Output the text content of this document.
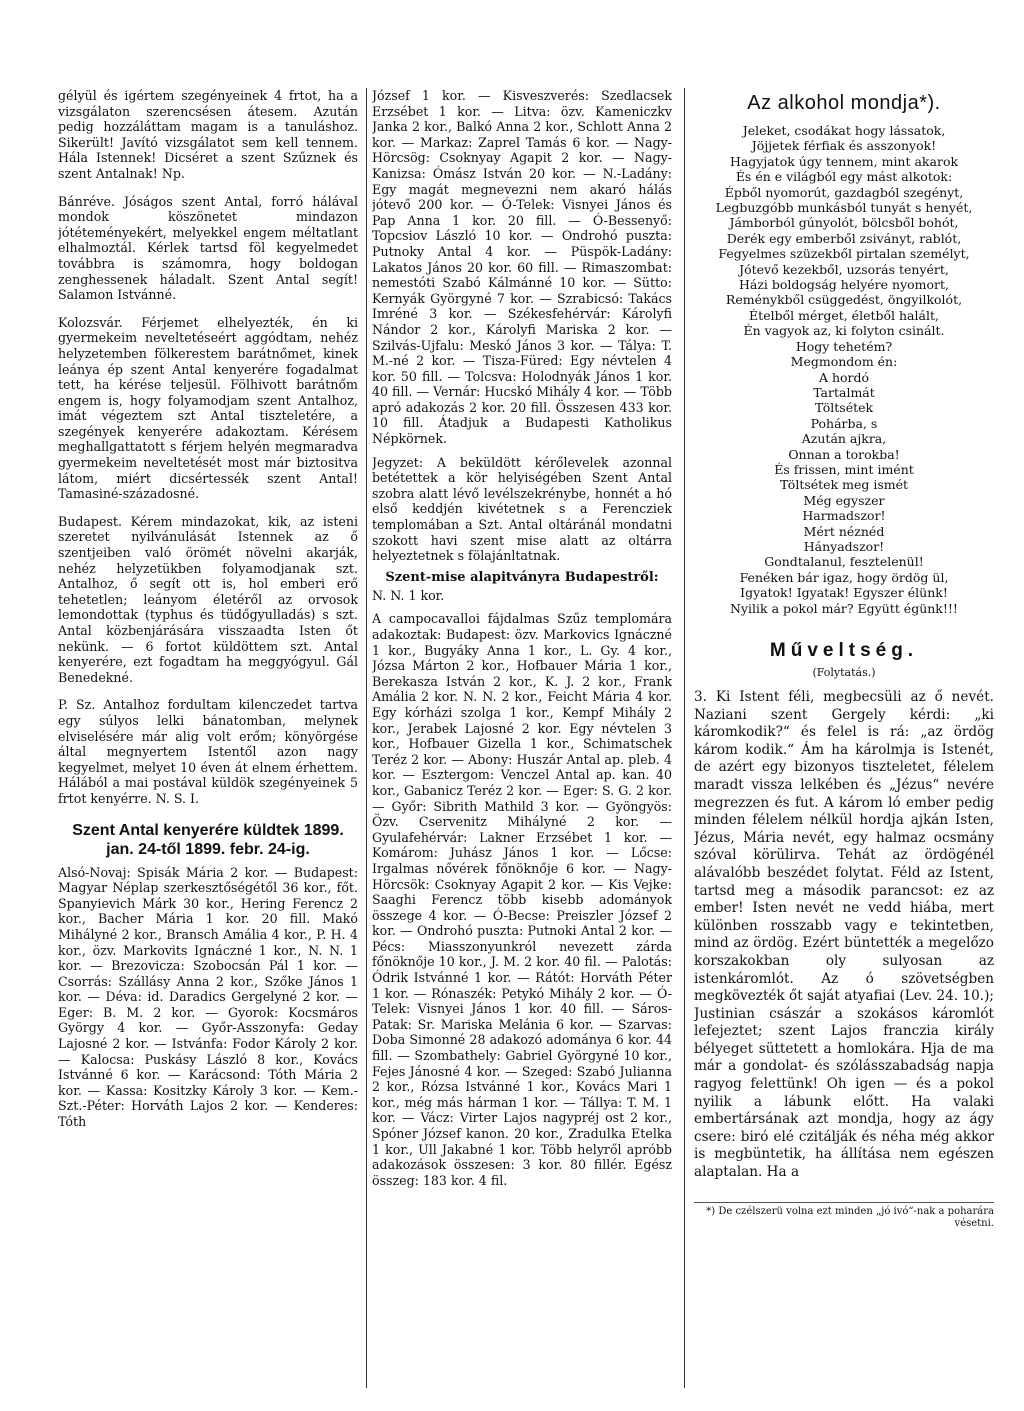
gélyül és igértem szegényeinek 4 frtot, ha a vizsgálaton szerencsésen átesem. Azután pedig hozzáláttam magam is a tanuláshoz. Sikerült! Javító vizsgálatot sem kell tennem. Hála Istennek! Dicséret a szent Szűznek és szent Antalnak! Np.

Bánréve. Jóságos szent Antal, forró hálával mondok köszönetet mindazon jótéteményekért, melyekkel engem méltatlant elhalmoztál. Kérlek tartsd föl kegyelmedet továbbra is számomra, hogy boldogan zenghessenek háladalt. Szent Antal segít! Salamon Istvánné.

Kolozsvár. Férjemet elhelyezték, én ki gyermekeim neveltetéseért aggódtam, nehéz helyzetemben fölkerestem barátnőmet, kinek leánya ép szent Antal kenyerére fogadalmat tett, ha kérése teljesül. Fölhivott barátnőm engem is, hogy folyamodjam szent Antalhoz, imát végeztem szt Antal tiszteletére, a szegények kenyerére adakoztam. Kérésem meghallgattatott s férjem helyén megmaradva gyermekeim neveltetését most már biztositva látom, miért dicsértessék szent Antal! Tamasiné-századosné.

Budapest. Kérem mindazokat, kik, az isteni szeretet nyilvánulását Istennek az ő szentjeiben való örömét növelni akarják, nehéz helyzetükben folyamodjanak szt. Antalhoz, ő segít ott is, hol emberi erő tehetetlen; leányom életéről az orvosok lemondottak (typhus és tüdőgyulladás) s szt. Antal közbenjárására visszaadta Isten őt nekünk. — 6 fortot küldöttem szt. Antal kenyerére, ezt fogadtam ha meggyógyul. Gál Benedekné.

P. Sz. Antalhoz fordultam kilenczedet tartva egy súlyos lelki bánatomban, melynek elviselésére már alig volt erőm; könyörgése által megnyertem Istentől azon nagy kegyelmet, melyet 10 éven át elnem érhettem. Hálából a mai postával küldök szegényeinek 5 frtot kenyérre. N. S. I.

Szent Antal kenyerére küldtek 1899. jan. 24-től 1899. febr. 24-ig.

Alsó-Novaj: Spisák Mária 2 kor. — Budapest: Magyar Néplap szerkesztőségétől 36 kor., főt. Spanyievich Márk 30 kor., Hering Ferencz 2 kor., Bacher Mária 1 kor. 20 fill. Makó Mihályné 2 kor., Bransch Amália 4 kor., P. H. 4 kor., özv. Markovits Ignáczné 1 kor., N. N. 1 kor. — Brezovicza: Szobocsán Pál 1 kor. — Csorrás: Szállásy Anna 2 kor., Szőke János 1 kor. — Déva: id. Daradics Gergelyné 2 kor. — Eger: B. M. 2 kor. — Gyorok: Kocsmáros György 4 kor. — Győr-Asszonyfa: Geday Lajosné 2 kor. — Istvánfa: Fodor Károly 2 kor. — Kalocsa: Puskásy László 8 kor., Kovács Istvánné 6 kor. — Karácsond: Tóth Mária 2 kor. — Kassa: Kositzky Károly 3 kor. — Kem.-Szt.-Péter: Horváth Lajos 2 kor. — Kenderes: Tóth

József 1 kor. — Kisveszverés: Szedlacsek Erzsébet 1 kor. — Litva: özv. Kameniczkv Janka 2 kor., Balkó Anna 2 kor., Schlott Anna 2 kor. — Markaz: Zaprel Tamás 6 kor. — Nagy-Hörcsög: Csoknyay Agapit 2 kor. — Nagy-Kanizsa: Ómász István 20 kor. — N.-Ladány: Egy magát megnevezni nem akaró hálás jótevő 200 kor. — Ó-Telek: Visnyei János és Pap Anna 1 kor. 20 fill. — Ó-Bessenyő: Topcsiov László 10 kor. — Ondrohó puszta: Putnoky Antal 4 kor. — Püspök-Ladány: Lakatos János 20 kor. 60 fill. — Rimaszombat: nemestóti Szabó Kálmánné 10 kor. — Sütto: Kernyák Györgyné 7 kor. — Szrabicsó: Takács Imréné 3 kor. — Székesfehérvár: Károlyfi Nándor 2 kor., Károlyfi Mariska 2 kor. — Szilvás-Ujfalu: Meskó János 3 kor. — Tálya: T. M.-né 2 kor. — Tisza-Füred: Egy névtelen 4 kor. 50 fill. — Tolcsva: Holodnyák János 1 kor. 40 fill. — Vernár: Hucskó Mihály 4 kor. — Több apró adakozás 2 kor. 20 fill. Összesen 433 kor. 10 fill. Átadjuk a Budapesti Katholikus Népkörnek.

Jegyzet: A beküldött kérőlevelek azonnal betétettek a kör helyiségében Szent Antal szobra alatt lévő levélszekrénybe, honnét a hó első keddjén kivétetnek s a Ferencziek templomában a Szt. Antal oltáránál mondatni szokott havi szent mise alatt az oltárra helyeztetnek s fölajánltatnak.

Szent-mise alapitványra Budapestről:

N. N. 1 kor.

A campocavalloi fájdalmas Szűz templomára adakoztak: Budapest: özv. Markovics Ignáczné 1 kor., Bugyáky Anna 1 kor., L. Gy. 4 kor., Józsa Márton 2 kor., Hofbauer Mária 1 kor., Berekasza István 2 kor., K. J. 2 kor., Frank Amália 2 kor. N. N. 2 kor., Feicht Mária 4 kor. Egy kórházi szolga 1 kor., Kempf Mihály 2 kor., Jerabek Lajosné 2 kor. Egy névtelen 3 kor., Hofbauer Gizella 1 kor., Schimatschek Teréz 2 kor. — Abony: Huszár Antal ap. pleb. 4 kor. — Esztergom: Venczel Antal ap. kan. 40 kor., Gabanicz Teréz 2 kor. — Eger: S. G. 2 kor. — Győr: Sibrith Mathild 3 kor. — Gyöngyös: Özv. Cservenitz Mihályné 2 kor. — Gyulafehérvár: Lakner Erzsébet 1 kor. — Komárom: Juhász János 1 kor. — Lőcse: Irgalmas nővérek főnöknője 6 kor. — Nagy-Hörcsök: Csoknyay Agapit 2 kor. — Kis Vejke: Saaghi Ferencz több kisebb adományok összege 4 kor. — Ó-Becse: Preiszler József 2 kor. — Ondrohó puszta: Putnoki Antal 2 kor. — Pécs: Miasszonyunkról nevezett zárda főnöknője 10 kor., J. M. 2 kor. 40 fil. — Palotás: Ódrik Istvánné 1 kor. — Rátót: Horváth Péter 1 kor. — Rónaszék: Petykó Mihály 2 kor. — Ó-Telek: Visnyei János 1 kor. 40 fill. — Sáros-Patak: Sr. Mariska Melánia 6 kor. — Szarvas: Doba Simonné 28 adakozó adománya 6 kor. 44 fill. — Szombathely: Gabriel Györgyné 10 kor., Fejes Jánosné 4 kor. — Szeged: Szabó Julianna 2 kor., Rózsa Istvánné 1 kor., Kovács Mari 1 kor., még más hárman 1 kor. — Tállya: T. M. 1 kor. — Vácz: Virter Lajos nagypréj ost 2 kor., Spóner József kanon. 20 kor., Zradulka Etelka 1 kor., Ull Jakabné 1 kor. Több helyről apróbb adakozások összesen: 3 kor. 80 fillér. Egész összeg: 183 kor. 4 fil.

Az alkohol mondja*).

Jeleket, csodákat hogy lássatok,

Jöjjetek férfiak és asszonyok!

Hagyjatok úgy tennem, mint akarok

És én e világból egy mást alkotok:

Épből nyomorút, gazdagból szegényt,

Legbuzgóbb munkásból tunyát s henyét,

Jámborból gúnyolót, bölcsből bohót,

Derék egy emberből zsiványt, rablót,

Fegyelmes szüzekből pirtalan személyt,

Jótevő kezekből, uzsorás tenyért,

Házi boldogság helyére nyomort,

Reménykből csüggedést, öngyilkolót,

Ételből mérget, életből halált,

Én vagyok az, ki folyton csinált.

Hogy tehetém?

Megmondom én:

A hordó

Tartalmát

Töltsétek

Pohárba, s

Azután ajkra,

Onnan a torokba!

És frissen, mint imént

Töltsétek meg ismét

Még egyszer

Harmadszor!

Mért néznéd

Hányadszor!

Gondtalanul, fesztelenül!

Fenéken bár igaz, hogy ördög ül,

Igyatok! Igyatak! Egyszer élünk!

Nyilik a pokol már? Együtt égünk!!!

Műveltség.
(Folytatás.)

3. Ki Istent féli, megbecsüli az ő nevét. Naziani szent Gergely kérdi: „ki káromkodik?“ és felel is rá: „az ördög károm kodik.“ Ám ha károlmja is Istenét, de azért egy bizonyos tiszteletet, félelem maradt vissza lelkében és „Jézus“ nevére megrezzen és fut. A károm ló ember pedig minden félelem nélkül hordja ajkán Isten, Jézus, Mária nevét, egy halmaz ocsmány szóval körülirva. Tehát az ördögénél alávalóbb beszédet folytat. Féld az Istent, tartsd meg a második parancsot: ez az ember! Isten nevét ne vedd hiába, mert különben rosszabb vagy e tekintetben, mind az ördög. Ezért büntették a megelőzo korszakokban oly sulyosan az istenkáromlót. Az ó szövetségben megkövezték őt saját atyafiai (Lev. 24. 10.); Justinian császár a szokásos káromlót lefejeztet; szent Lajos franczia király bélyeget süttetett a homlokára. Hja de ma már a gondolat- és szólásszabadság napja ragyog felettünk! Oh igen — és a pokol nyilik a lábunk előtt. Ha valaki embertársának azt mondja, hogy az ágy csere: biró elé czitálják és néha még akkor is megbüntetik, ha állítása nem egészen alaptalan. Ha a

*) De czélszerü volna ezt minden „jó ivó“-nak a poharára vésetni.
